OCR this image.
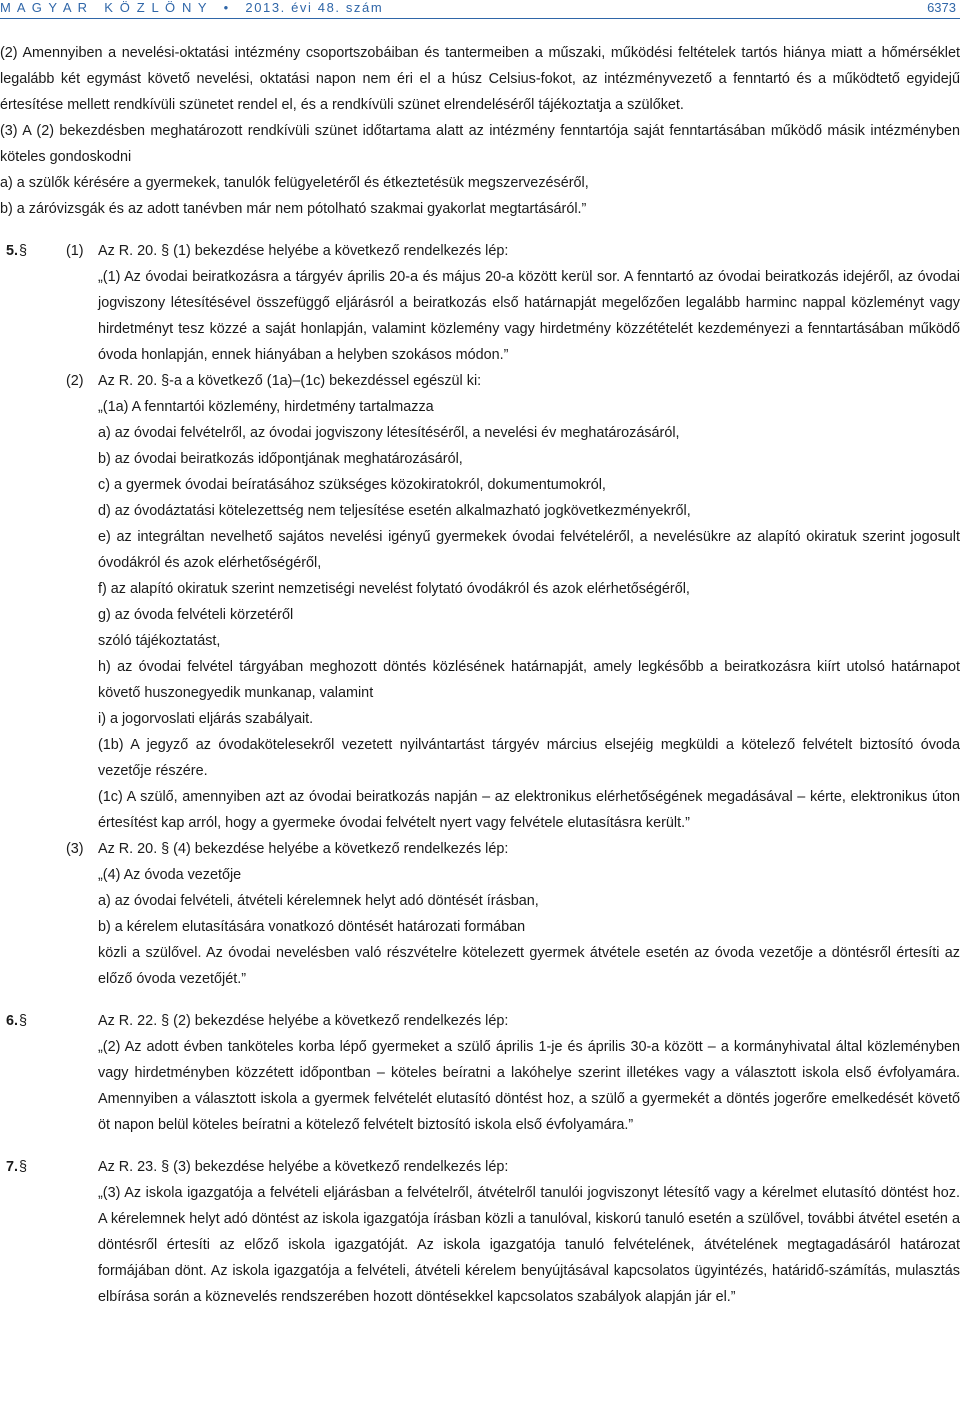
M A G Y A R   K Ö Z L Ö N Y   •   2013. évi 48. szám	6373
(2) Amennyiben a nevelési-oktatási intézmény csoportszobáiban és tantermeiben a műszaki, működési feltételek tartós hiánya miatt a hőmérséklet legalább két egymást követő nevelési, oktatási napon nem éri el a húsz Celsius-fokot, az intézményvezető a fenntartó és a működtető egyidejű értesítése mellett rendkívüli szünetet rendel el, és a rendkívüli szünet elrendeléséről tájékoztatja a szülőket.
(3) A (2) bekezdésben meghatározott rendkívüli szünet időtartama alatt az intézmény fenntartója saját fenntartásában működő másik intézményben köteles gondoskodni
a) a szülők kérésére a gyermekek, tanulók felügyeletéről és étkeztetésük megszervezéséről,
b) a záróvizsgák és az adott tanévben már nem pótolható szakmai gyakorlat megtartásáról.”
5. §	(1) Az R. 20. § (1) bekezdése helyébe a következő rendelkezés lép:
„(1) Az óvodai beiratkozásra a tárgyév április 20-a és május 20-a között kerül sor. A fenntartó az óvodai beiratkozás idejéről, az óvodai jogviszony létesítésével összefüggő eljárásról a beiratkozás első határnapját megelőzően legalább harminc nappal közleményt vagy hirdetményt tesz közzé a saját honlapján, valamint közlemény vagy hirdetmény közzétételét kezdeményezi a fenntartásában működő óvoda honlapján, ennek hiányában a helyben szokásos módon.”
(2) Az R. 20. §-a a következő (1a)–(1c) bekezdéssel egészül ki:
„(1a) A fenntartói közlemény, hirdetmény tartalmazza
a) az óvodai felvételről, az óvodai jogviszony létesítéséről, a nevelési év meghatározásáról,
b) az óvodai beiratkozás időpontjának meghatározásáról,
c) a gyermek óvodai beíratásához szükséges közokiratokról, dokumentumokról,
d) az óvodáztatási kötelezettség nem teljesítése esetén alkalmazható jogkövetkezményekről,
e) az integráltan nevelhető sajátos nevelési igényű gyermekek óvodai felvételéről, a nevelésükre az alapító okiratuk szerint jogosult óvodákról és azok elérhetőségéről,
f) az alapító okiratuk szerint nemzetiségi nevelést folytató óvodákról és azok elérhetőségéről,
g) az óvoda felvételi körzetéről
szóló tájékoztatást,
h) az óvodai felvétel tárgyában meghozott döntés közlésének határnapját, amely legkésőbb a beiratkozásra kiírt utolsó határnapot követő huszonegyedik munkanap, valamint
i) a jogorvoslati eljárás szabályait.
(1b) A jegyző az óvodakötelesekről vezetett nyilvántartást tárgyév március elsejéig megküldi a kötelező felvételt biztosító óvoda vezetője részére.
(1c) A szülő, amennyiben azt az óvodai beiratkozás napján – az elektronikus elérhetőségének megadásával – kérte, elektronikus úton értesítést kap arról, hogy a gyermeke óvodai felvételt nyert vagy felvétele elutasításra került.”
(3) Az R. 20. § (4) bekezdése helyébe a következő rendelkezés lép:
„(4) Az óvoda vezetője
a) az óvodai felvételi, átvételi kérelemnek helyt adó döntését írásban,
b) a kérelem elutasítására vonatkozó döntését határozati formában
közli a szülővel. Az óvodai nevelésben való részvételre kötelezett gyermek átvétele esetén az óvoda vezetője a döntésről értesíti az előző óvoda vezetőjét.”
6. §	Az R. 22. § (2) bekezdése helyébe a következő rendelkezés lép:
„(2) Az adott évben tanköteles korba lépő gyermeket a szülő április 1-je és április 30-a között – a kormányhivatal által közleményben vagy hirdetményben közzétett időpontban – köteles beíratni a lakóhelye szerint illetékes vagy a választott iskola első évfolyamára. Amennyiben a választott iskola a gyermek felvételét elutasító döntést hoz, a szülő a gyermekét a döntés jogerőre emelkedését követő öt napon belül köteles beíratni a kötelező felvételt biztosító iskola első évfolyamára.”
7. §	Az R. 23. § (3) bekezdése helyébe a következő rendelkezés lép:
„(3) Az iskola igazgatója a felvételi eljárásban a felvételről, átvételről tanulói jogviszonyt létesítő vagy a kérelmet elutasító döntést hoz. A kérelemnek helyt adó döntést az iskola igazgatója írásban közli a tanulóval, kiskorú tanuló esetén a szülővel, további átvétel esetén a döntésről értesíti az előző iskola igazgatóját. Az iskola igazgatója tanuló felvételének, átvételének megtagadásáról határozat formájában dönt. Az iskola igazgatója a felvételi, átvételi kérelem benyújtásával kapcsolatos ügyintézés, határidő-számítás, mulasztás elbírása során a köznevelés rendszerében hozott döntésekkel kapcsolatos szabályok alapján jár el.”
